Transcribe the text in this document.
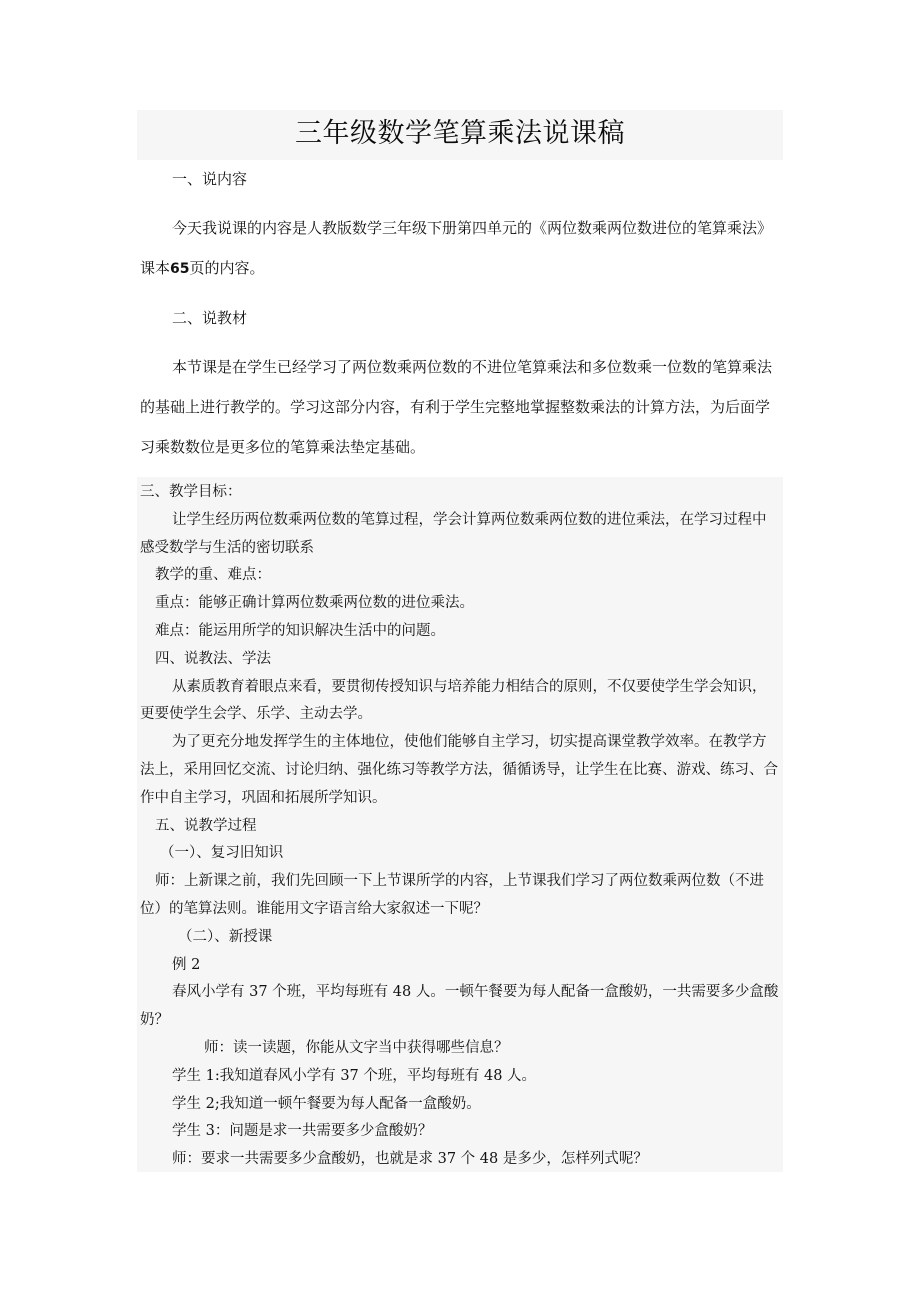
三年级数学笔算乘法说课稿

一、说内容

今天我说课的内容是人教版数学三年级下册第四单元的《两位数乘两位数进位的笔算乘法》课本65页的内容。

二、说教材

本节课是在学生已经学习了两位数乘两位数的不进位笔算乘法和多位数乘一位数的笔算乘法的基础上进行教学的。学习这部分内容，有利于学生完整地掌握整数乘法的计算方法，为后面学习乘数数位是更多位的笔算乘法垫定基础。

三、教学目标：

让学生经历两位数乘两位数的笔算过程，学会计算两位数乘两位数的进位乘法，在学习过程中感受数学与生活的密切联系

教学的重、难点：

重点：能够正确计算两位数乘两位数的进位乘法。

难点：能运用所学的知识解决生活中的问题。

四、说教法、学法

从素质教育着眼点来看，要贯彻传授知识与培养能力相结合的原则，不仅要使学生学会知识，更要使学生会学、乐学、主动去学。

为了更充分地发挥学生的主体地位，使他们能够自主学习，切实提高课堂教学效率。在教学方法上，采用回忆交流、讨论归纳、强化练习等教学方法，循循诱导，让学生在比赛、游戏、练习、合作中自主学习，巩固和拓展所学知识。

五、说教学过程

（一）、复习旧知识

师：上新课之前，我们先回顾一下上节课所学的内容，上节课我们学习了两位数乘两位数（不进位）的笔算法则。谁能用文字语言给大家叙述一下呢？

（二）、新授课

例 2

春风小学有 37 个班，平均每班有 48 人。一顿午餐要为每人配备一盒酸奶，一共需要多少盒酸奶？

师：读一读题，你能从文字当中获得哪些信息？

学生 1:我知道春风小学有 37 个班，平均每班有 48 人。

学生 2;我知道一顿午餐要为每人配备一盒酸奶。

学生 3：问题是求一共需要多少盒酸奶？

师：要求一共需要多少盒酸奶，也就是求 37 个 48 是多少，怎样列式呢？
